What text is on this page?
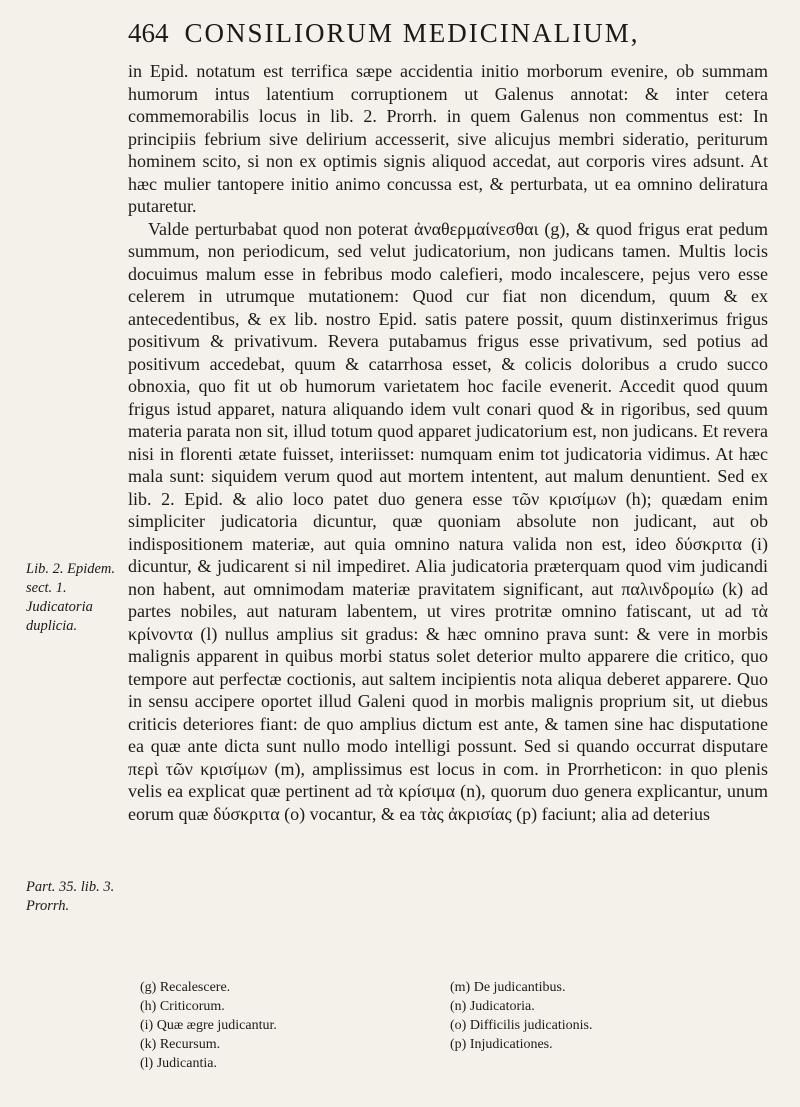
464 CONSILIORUM MEDICINALIUM,

in Epid. notatum est terrifica sæpe accidentia initio morborum evenire, ob summam humorum intus latentium corruptionem ut Galenus annotat: & inter cetera commemorabilis locus in lib. 2. Prorrh. in quem Galenus non commentus est: In principiis febrium sive delirium accesserit, sive alicujus membri sideratio, periturum hominem scito, si non ex optimis signis aliquod accedat, aut corporis vires adsunt. At hæc mulier tantopere initio animo concussa est, & perturbata, ut ea omnino deliratura putaretur.

Valde perturbabat quod non poterat ἀναθερμαίνεσθαι (g), & quod frigus erat pedum summum, non periodicum, sed velut judicatorium, non judicans tamen. Multis locis docuimus malum esse in febribus modo calefieri, modo incalescere, pejus vero esse celerem in utrumque mutationem: Quod cur fiat non dicendum, quum & ex antecedentibus, & ex lib. nostro Epid. satis patere possit, quum distinxerimus frigus positivum & privativum. Revera putabamus frigus esse privativum, sed potius ad positivum accedebat, quum & catarrhosa esset, & colicis doloribus a crudo succo obnoxia, quo fit ut ob humorum varietatem hoc facile evenerit. Accedit quod quum frigus istud apparet, natura aliquando idem vult conari quod & in rigoribus, sed quum materia parata non sit, illud totum quod apparet judicatorium est, non judicans. Et revera nisi in florenti ætate fuisset, interiisset: numquam enim tot judicatoria vidimus. At hæc mala sunt: siquidem verum quod aut mortem intentent, aut malum denuntient. Sed ex lib. 2. Epid. & alio loco patet duo genera esse τῶν κρισίμων (h); quædam enim simpliciter judicatoria dicuntur, quæ quoniam absolute non judicant, aut ob indispositionem materiæ, aut quia omnino natura valida non est, ideo δύσκριτα (i) dicuntur, & judicarent si nil impediret. Alia judicatoria præterquam quod vim judicandi non habent, aut omnimodam materiæ pravitatem significant, aut παλινδρομίω (k) ad partes nobiles, aut naturam labentem, ut vires protritæ omnino fatiscant, ut ad τὰ κρίνοντα (l) nullus amplius sit gradus: & hæc omnino prava sunt: & vere in morbis malignis apparent in quibus morbi status solet deterior multo apparere die critico, quo tempore aut perfectæ coctionis, aut saltem incipientis nota aliqua deberet apparere. Quo in sensu accipere oportet illud Galeni quod in morbis malignis proprium sit, ut diebus criticis deteriores fiant: de quo amplius dictum est ante, & tamen sine hac disputatione ea quæ ante dicta sunt nullo modo intelligi possunt. Sed si quando occurrat disputare περὶ τῶν κρισίμων (m), amplissimus est locus in com. in Prorrheticon: in quo plenis velis ea explicat quæ pertinent ad τὰ κρίσιμα (n), quorum duo genera explicantur, unum eorum quæ δύσκριτα (o) vocantur, & ea τὰς ἀκρισίας (p) faciunt; alia ad deterius

Lib. 2. Epidem. sect. 1. Judicatoria duplicia.
Part. 35. lib. 3. Prorrh.
(g) Recalescere.
(h) Criticorum.
(i) Quæ ægre judicantur.
(k) Recursum.
(l) Judicantia.
(m) De judicantibus.
(n) Judicatoria.
(o) Difficilis judicationis.
(p) Injudicationes.
